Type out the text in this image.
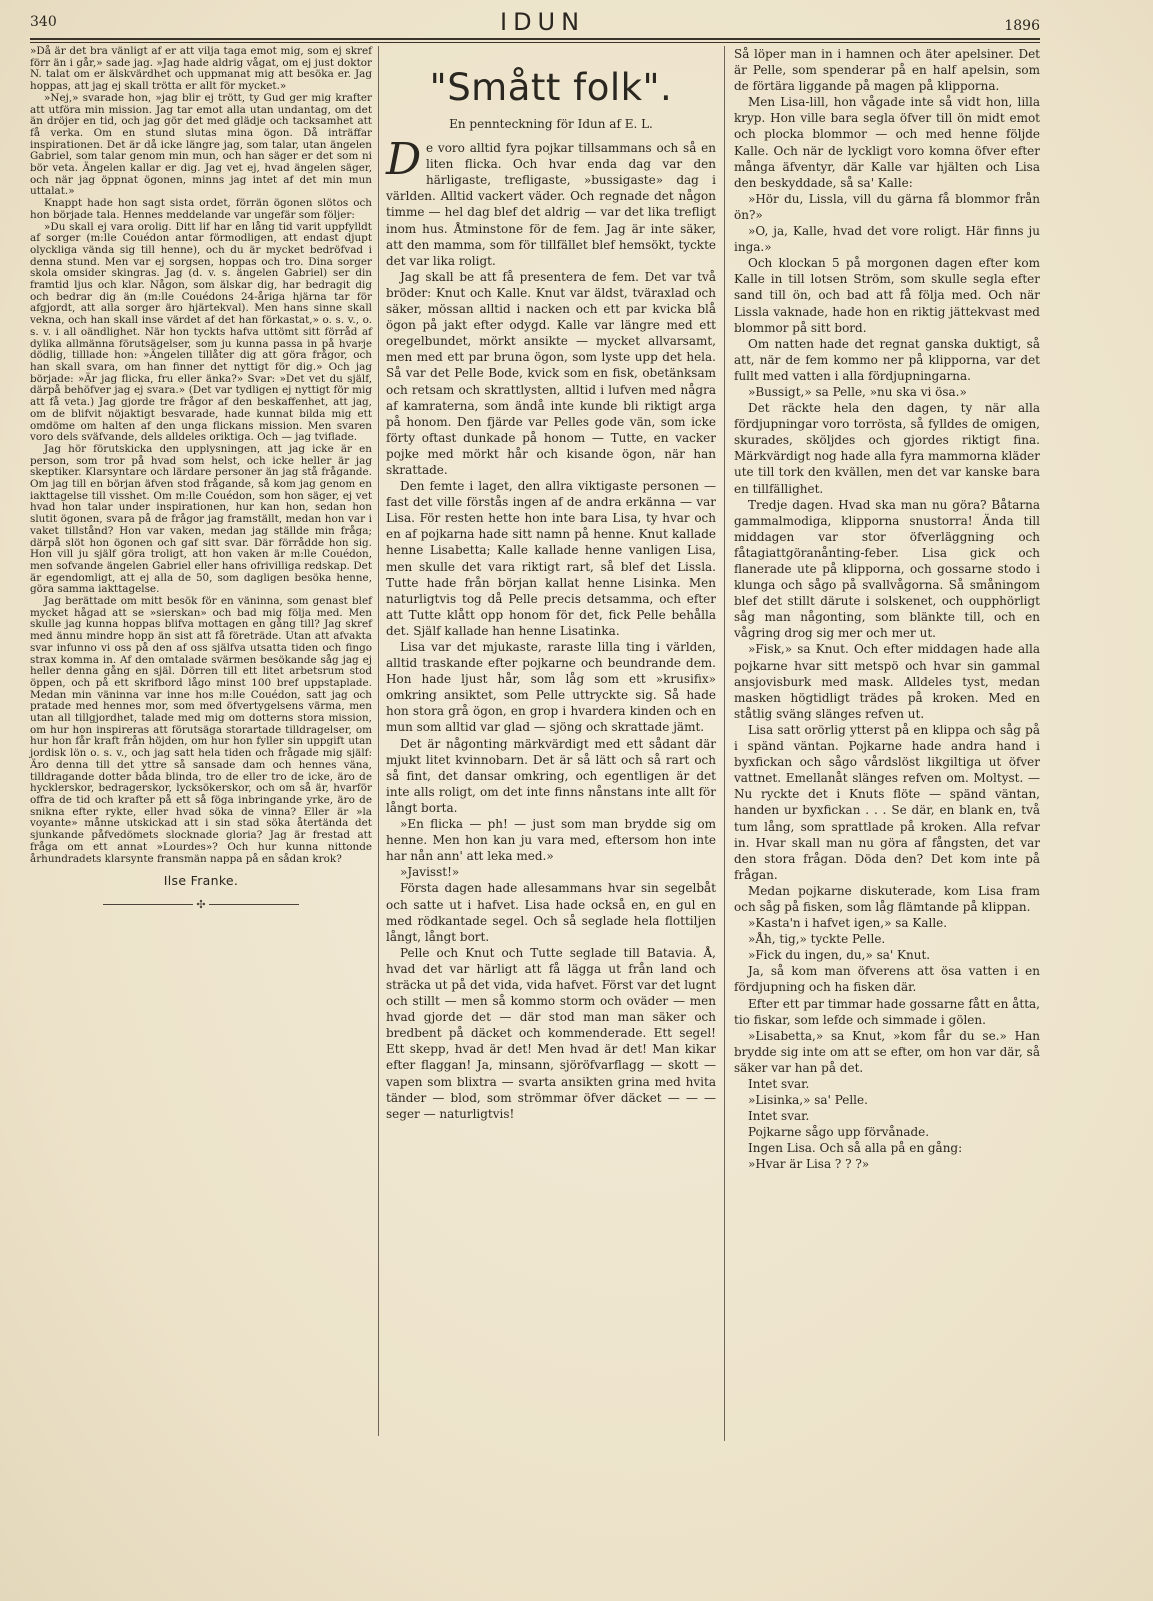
340	IDUN	1896

»Då är det bra vänligt af er att vilja taga emot mig, som ej skref förr än i går,» sade jag. »Jag hade aldrig vågat, om ej just doktor N. talat om er älskvärdhet och uppmanat mig att besöka er. Jag hoppas, att jag ej skall trötta er allt för mycket.»

»Nej,» svarade hon, »jag blir ej trött, ty Gud ger mig krafter att utföra min mission. Jag tar emot alla utan undantag, om det än dröjer en tid, och jag gör det med glädje och tacksamhet att få verka. Om en stund slutas mina ögon. Då inträffar inspirationen. Det är då icke längre jag, som talar, utan ängelen Gabriel, som talar genom min mun, och han säger er det som ni bör veta. Ängelen kallar er dig. Jag vet ej, hvad ängelen säger, och när jag öppnat ögonen, minns jag intet af det min mun uttalat.»

Knappt hade hon sagt sista ordet, förrän ögonen slötos och hon började tala. Hennes meddelande var ungefär som följer:

»Du skall ej vara orolig. Ditt lif har en lång tid varit uppfylldt af sorger (m:lle Couédon antar förmodligen, att endast djupt olyckliga vända sig till henne), och du är mycket bedröfvad i denna stund. Men var ej sorgsen, hoppas och tro. Dina sorger skola omsider skingras. Jag (d. v. s. ängelen Gabriel) ser din framtid ljus och klar. Någon, som älskar dig, har bedragit dig och bedrar dig än (m:lle Couédons 24-åriga hjärna tar för afgjordt, att alla sorger äro hjärtekval). Men hans sinne skall vekna, och han skall inse värdet af det han förkastat,» o. s. v., o. s. v. i all oändlighet. När hon tyckts hafva uttömt sitt förråd af dylika allmänna förutsägelser, som ju kunna passa in på hvarje dödlig, tilllade hon: »Ängelen tillåter dig att göra frågor, och han skall svara, om han finner det nyttigt för dig.» Och jag började: »Är jag flicka, fru eller änka?» Svar: »Det vet du själf, därpå behöfver jag ej svara.» (Det var tydligen ej nyttigt för mig att få veta.) Jag gjorde tre frågor af den beskaffenhet, att jag, om de blifvit nöjaktigt besvarade, hade kunnat bilda mig ett omdöme om halten af den unga flickans mission. Men svaren voro dels sväfvande, dels alldeles oriktiga. Och — jag tviflade.

Jag hör förutskicka den upplysningen, att jag icke är en person, som tror på hvad som helst, och icke heller är jag skeptiker. Klarsyntare och lärdare personer än jag stå frågande. Om jag till en början äfven stod frågande, så kom jag genom en iakttagelse till visshet. Om m:lle Couédon, som hon säger, ej vet hvad hon talar under inspirationen, hur kan hon, sedan hon slutit ögonen, svara på de frågor jag framställt, medan hon var i vaket tillstånd? Hon var vaken, medan jag ställde min fråga; därpå slöt hon ögonen och gaf sitt svar. Där förrådde hon sig. Hon vill ju själf göra troligt, att hon vaken är m:lle Couédon, men sofvande ängelen Gabriel eller hans ofrivilliga redskap. Det är egendomligt, att ej alla de 50, som dagligen besöka henne, göra samma iakttagelse.

Jag berättade om mitt besök för en väninna, som genast blef mycket hågad att se »sierskan» och bad mig följa med. Men skulle jag kunna hoppas blifva mottagen en gång till? Jag skref med ännu mindre hopp än sist att få företräde. Utan att afvakta svar infunno vi oss på den af oss själfva utsatta tiden och fingo strax komma in. Af den omtalade svärmen besökande såg jag ej heller denna gång en själ. Dörren till ett litet arbetsrum stod öppen, och på ett skrifbord lågo minst 100 bref uppstaplade. Medan min väninna var inne hos m:lle Couédon, satt jag och pratade med hennes mor, som med öfvertygelsens värma, men utan all tillgjordhet, talade med mig om dotterns stora mission, om hur hon inspireras att förutsäga storartade tilldragelser, om hur hon får kraft från höjden, om hur hon fyller sin uppgift utan jordisk lön o. s. v., och jag satt hela tiden och frågade mig själf: Äro denna till det yttre så sansade dam och hennes väna, tilldragande dotter båda blinda, tro de eller tro de icke, äro de hycklerskor, bedragerskor, lycksökerskor, och om så är, hvarför offra de tid och krafter på ett så föga inbringande yrke, äro de snikna efter rykte, eller hvad söka de vinna? Eller är »la voyante» månne utskickad att i sin stad söka återtända det sjunkande påfvedömets slocknade gloria? Jag är frestad att fråga om ett annat »Lourdes»? Och hur kunna nittonde århundradets klarsynte fransmän nappa på en sådan krok?

Ilse Franke.
✣
"Smått folk".
En pennteckning för Idun af E. L.

De voro alltid fyra pojkar tillsammans och så en liten flicka. Och hvar enda dag var den härligaste, trefligaste, »bussigaste» dag i världen. Alltid vackert väder. Och regnade det någon timme — hel dag blef det aldrig — var det lika trefligt inom hus. Åtminstone för de fem. Jag är inte säker, att den mamma, som för tillfället blef hemsökt, tyckte det var lika roligt.

Jag skall be att få presentera de fem. Det var två bröder: Knut och Kalle. Knut var äldst, tväraxlad och säker, mössan alltid i nacken och ett par kvicka blå ögon på jakt efter odygd. Kalle var längre med ett oregelbundet, mörkt ansikte — mycket allvarsamt, men med ett par bruna ögon, som lyste upp det hela. Så var det Pelle Bode, kvick som en fisk, obetänksam och retsam och skrattlysten, alltid i lufven med några af kamraterna, som ändå inte kunde bli riktigt arga på honom. Den fjärde var Pelles gode vän, som icke förty oftast dunkade på honom — Tutte, en vacker pojke med mörkt hår och kisande ögon, när han skrattade.

Den femte i laget, den allra viktigaste personen — fast det ville förstås ingen af de andra erkänna — var Lisa. För resten hette hon inte bara Lisa, ty hvar och en af pojkarna hade sitt namn på henne. Knut kallade henne Lisabetta; Kalle kallade henne vanligen Lisa, men skulle det vara riktigt rart, så blef det Lissla. Tutte hade från början kallat henne Lisinka. Men naturligtvis tog då Pelle precis detsamma, och efter att Tutte klått opp honom för det, fick Pelle behålla det. Själf kallade han henne Lisatinka.

Lisa var det mjukaste, raraste lilla ting i världen, alltid traskande efter pojkarne och beundrande dem. Hon hade ljust hår, som låg som ett »krusifix» omkring ansiktet, som Pelle uttryckte sig. Så hade hon stora grå ögon, en grop i hvardera kinden och en mun som alltid var glad — sjöng och skrattade jämt.

Det är någonting märkvärdigt med ett sådant där mjukt litet kvinnobarn. Det är så lätt och så rart och så fint, det dansar omkring, och egentligen är det inte alls roligt, om det inte finns nånstans inte allt för långt borta.

»En flicka — ph! — just som man brydde sig om henne. Men hon kan ju vara med, eftersom hon inte har nån ann' att leka med.»

»Javisst!»

Första dagen hade allesammans hvar sin segelbåt och satte ut i hafvet. Lisa hade också en, en gul en med rödkantade segel. Och så seglade hela flottiljen långt, långt bort.

Pelle och Knut och Tutte seglade till Batavia. Å, hvad det var härligt att få lägga ut från land och sträcka ut på det vida, vida hafvet. Först var det lugnt och stillt — men så kommo storm och oväder — men hvad gjorde det — där stod man man säker och bredbent på däcket och kommenderade. Ett segel! Ett skepp, hvad är det! Men hvad är det! Man kikar efter flaggan! Ja, minsann, sjöröfvarflagg — skott — vapen som blixtra — svarta ansikten grina med hvita tänder — blod, som strömmar öfver däcket — — — seger — naturligtvis!

Så löper man in i hamnen och äter apelsiner. Det är Pelle, som spenderar på en half apelsin, som de förtära liggande på magen på klipporna.

Men Lisa-lill, hon vågade inte så vidt hon, lilla kryp. Hon ville bara segla öfver till ön midt emot och plocka blommor — och med henne följde Kalle. Och när de lyckligt voro komna öfver efter många äfventyr, där Kalle var hjälten och Lisa den beskyddade, så sa' Kalle:

»Hör du, Lissla, vill du gärna få blommor från ön?»

»O, ja, Kalle, hvad det vore roligt. Här finns ju inga.»

Och klockan 5 på morgonen dagen efter kom Kalle in till lotsen Ström, som skulle segla efter sand till ön, och bad att få följa med. Och när Lissla vaknade, hade hon en riktig jättekvast med blommor på sitt bord.

Om natten hade det regnat ganska duktigt, så att, när de fem kommo ner på klipporna, var det fullt med vatten i alla fördjupningarna.

»Bussigt,» sa Pelle, »nu ska vi ösa.»

Det räckte hela den dagen, ty när alla fördjupningar voro torrösta, så fylldes de omigen, skurades, sköljdes och gjordes riktigt fina. Märkvärdigt nog hade alla fyra mammorna kläder ute till tork den kvällen, men det var kanske bara en tillfällighet.

Tredje dagen. Hvad ska man nu göra? Båtarna gammalmodiga, klipporna snustorra! Ända till middagen var stor öfverläggning och fåtagiattgöranånting-feber. Lisa gick och flanerade ute på klipporna, och gossarne stodo i klunga och sågo på svallvågorna. Så småningom blef det stillt därute i solskenet, och oupphörligt såg man någonting, som blänkte till, och en vågring drog sig mer och mer ut.

»Fisk,» sa Knut. Och efter middagen hade alla pojkarne hvar sitt metspö och hvar sin gammal ansjovisburk med mask. Alldeles tyst, medan masken högtidligt trädes på kroken. Med en ståtlig sväng slänges refven ut.

Lisa satt orörlig ytterst på en klippa och såg på i spänd väntan. Pojkarne hade andra hand i byxfickan och sågo vårdslöst likgiltiga ut öfver vattnet. Emellanåt slänges refven om. Moltyst. — Nu ryckte det i Knuts flöte — spänd väntan, handen ur byxfickan . . . Se där, en blank en, två tum lång, som sprattlade på kroken. Alla refvar in. Hvar skall man nu göra af fångsten, det var den stora frågan. Döda den? Det kom inte på frågan.

Medan pojkarne diskuterade, kom Lisa fram och såg på fisken, som låg flämtande på klippan.

»Kasta'n i hafvet igen,» sa Kalle.

»Åh, tig,» tyckte Pelle.

»Fick du ingen, du,» sa' Knut.

Ja, så kom man öfverens att ösa vatten i en fördjupning och ha fisken där.

Efter ett par timmar hade gossarne fått en åtta, tio fiskar, som lefde och simmade i gölen.

»Lisabetta,» sa Knut, »kom får du se.» Han brydde sig inte om att se efter, om hon var där, så säker var han på det.

Intet svar.

»Lisinka,» sa' Pelle.

Intet svar.

Pojkarne sågo upp förvånade.

Ingen Lisa. Och så alla på en gång:

»Hvar är Lisa ? ? ?»
